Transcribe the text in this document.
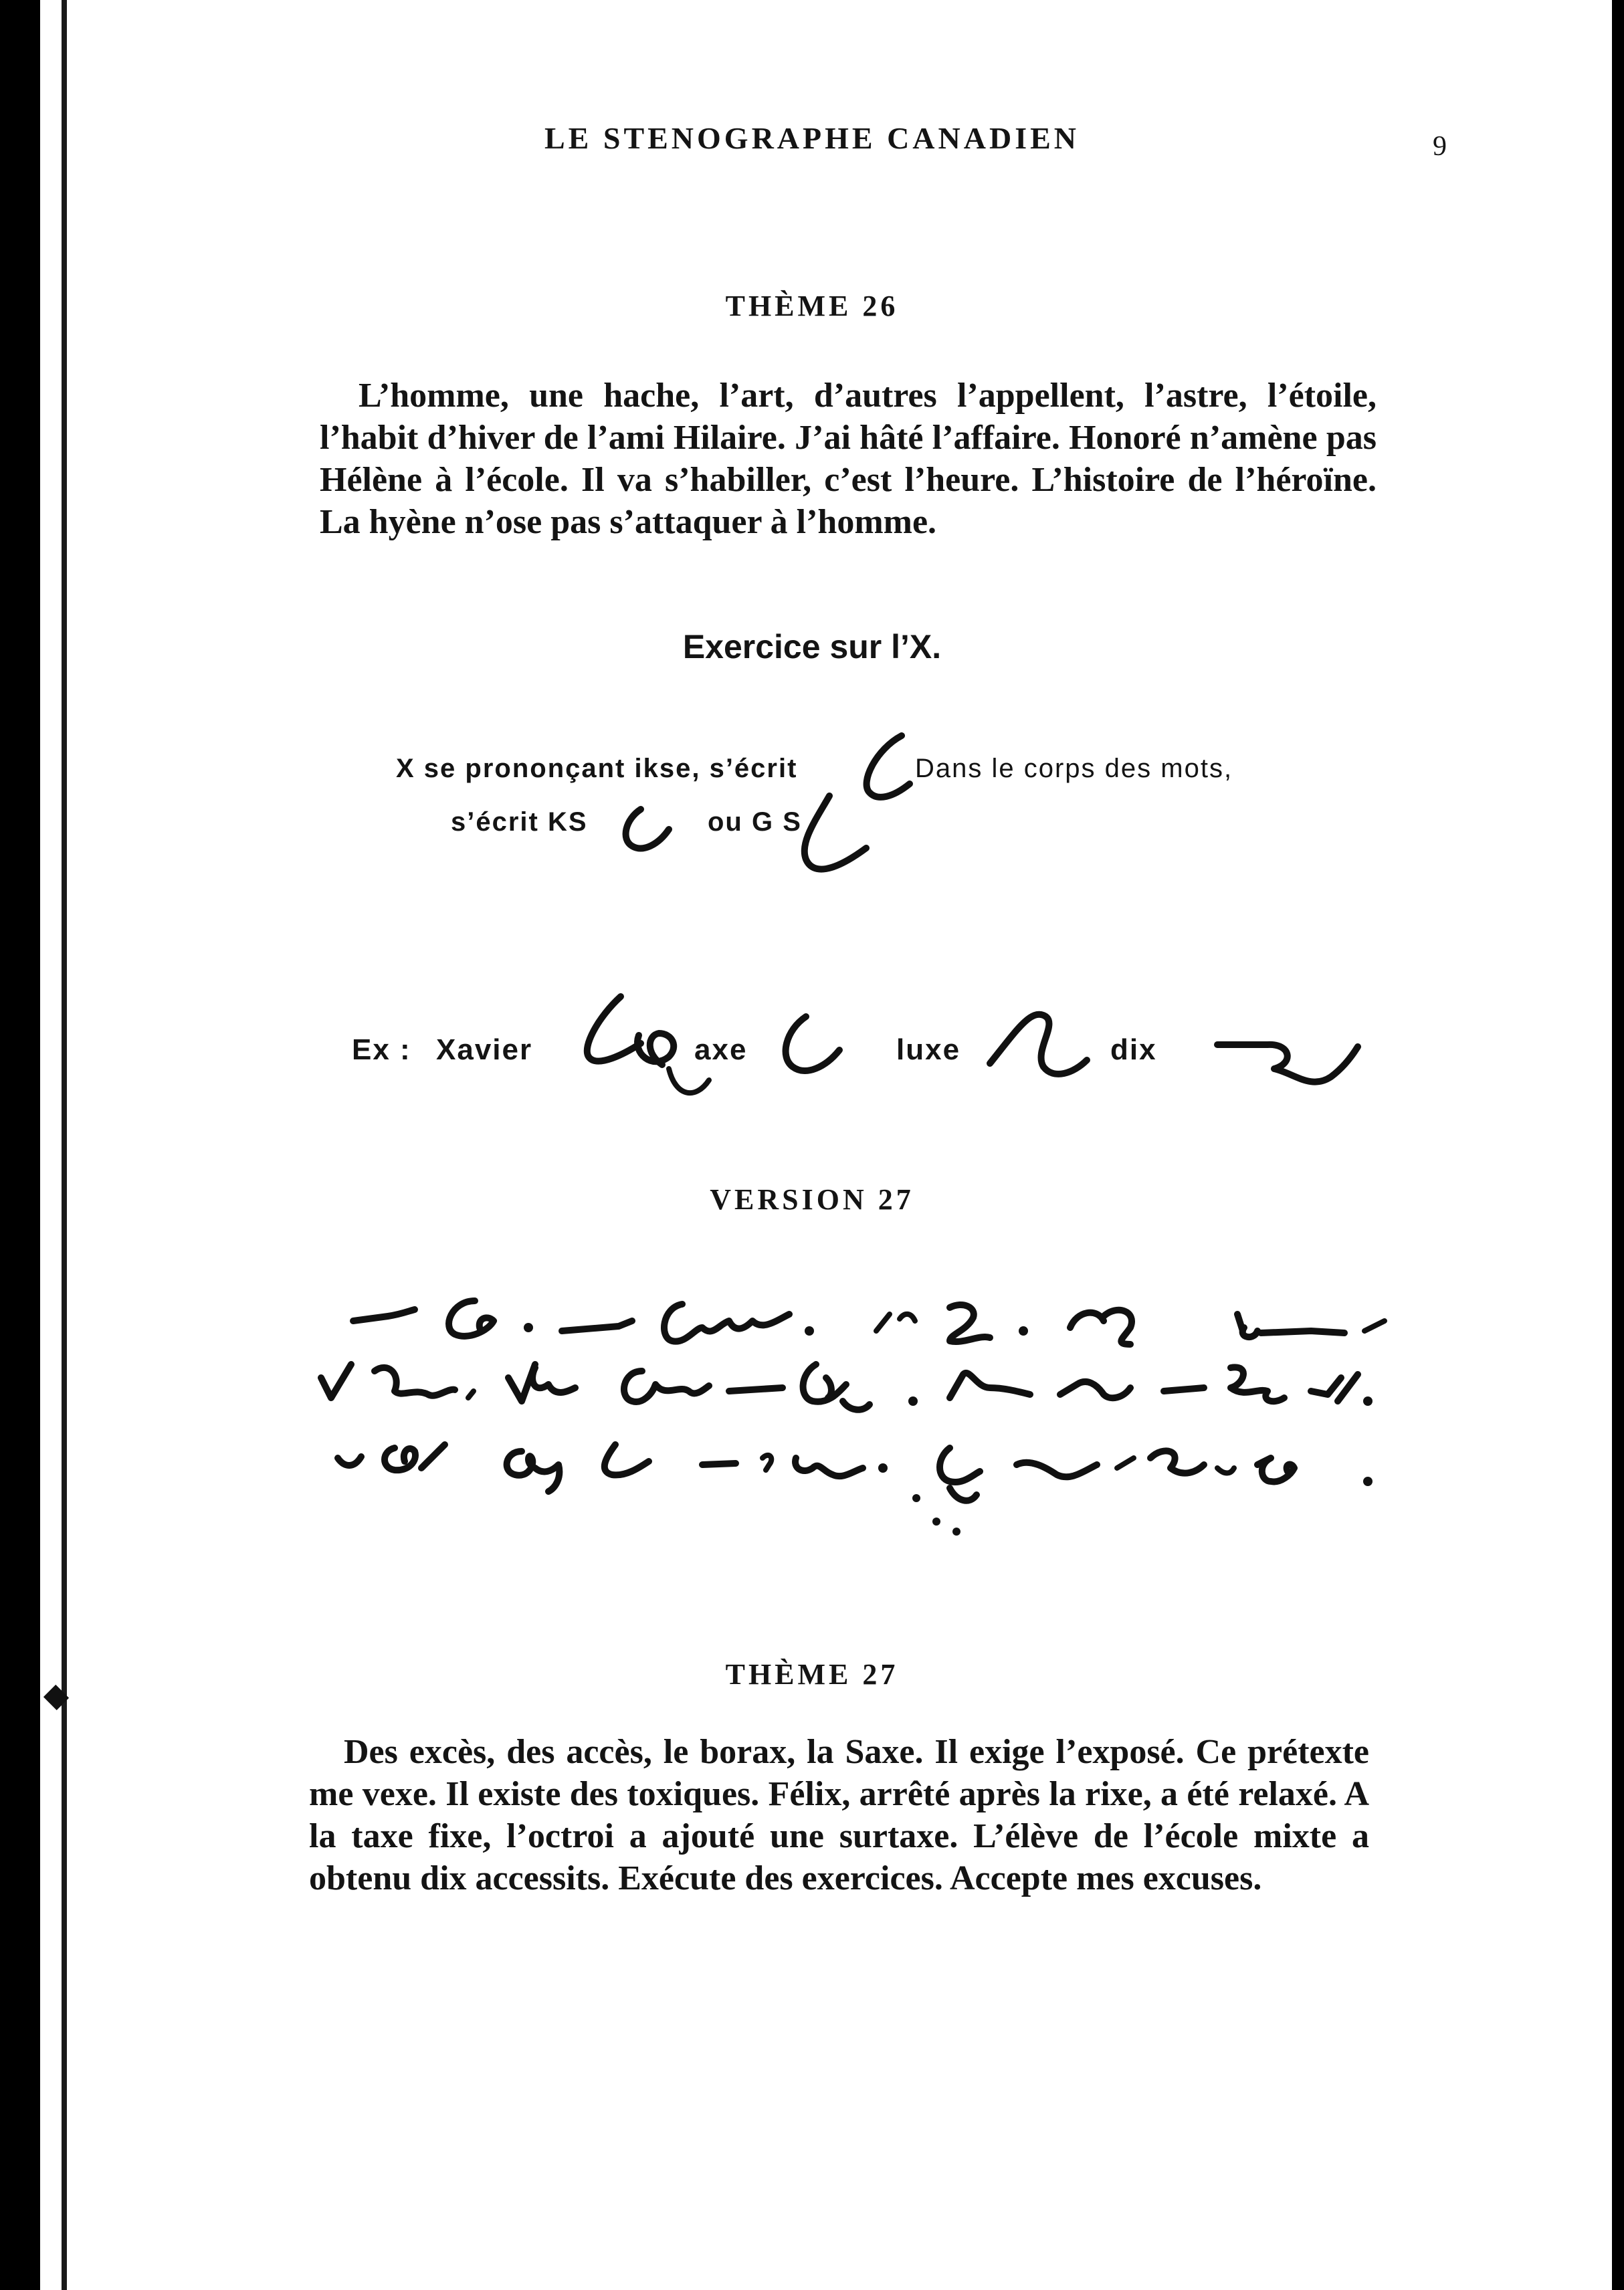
LE STENOGRAPHE CANADIEN	9
THÈME 26

L’homme, une hache, l’art, d’autres l’appellent, l’astre, l’étoile, l’habit d’hiver de l’ami Hilaire. J’ai hâté l’affaire. Honoré n’amène pas Hélène à l’école. Il va s’habiller, c’est l’heure. L’histoire de l’héroïne. La hyène n’ose pas s’attaquer à l’homme.

Exercice sur l’X.
X se prononçant ikse, s’écrit	Dans le corps des mots,
s’écrit KS	ou G S
Ex : Xavier	axe	luxe	dix
VERSION 27
THÈME 27

Des excès, des accès, le borax, la Saxe. Il exige l’exposé. Ce prétexte me vexe. Il existe des toxiques. Félix, arrêté après la rixe, a été relaxé. A la taxe fixe, l’octroi a ajouté une surtaxe. L’élève de l’école mixte a obtenu dix accessits. Exécute des exercices. Accepte mes excuses.
